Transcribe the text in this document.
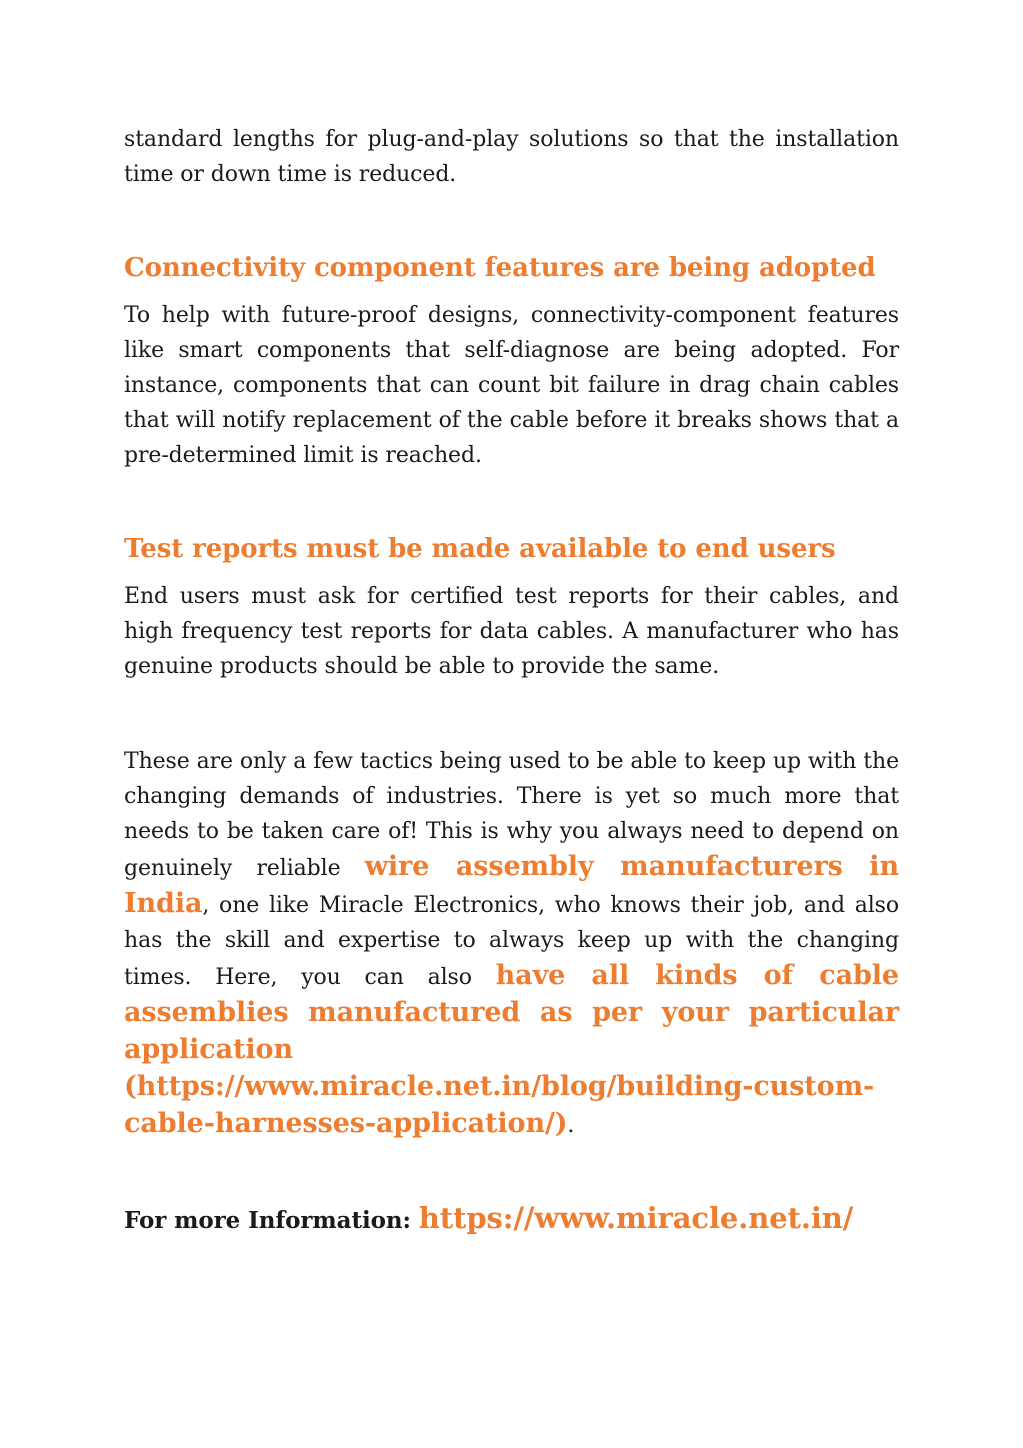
standard lengths for plug-and-play solutions so that the installation time or down time is reduced.

Connectivity component features are being adopted

To help with future-proof designs, connectivity-component features like smart components that self-diagnose are being adopted. For instance, components that can count bit failure in drag chain cables that will notify replacement of the cable before it breaks shows that a pre-determined limit is reached.

Test reports must be made available to end users

End users must ask for certified test reports for their cables, and high frequency test reports for data cables. A manufacturer who has genuine products should be able to provide the same.

These are only a few tactics being used to be able to keep up with the changing demands of industries. There is yet so much more that needs to be taken care of! This is why you always need to depend on genuinely reliable wire assembly manufacturers in India, one like Miracle Electronics, who knows their job, and also has the skill and expertise to always keep up with the changing times. Here, you can also have all kinds of cable assemblies manufactured as per your particular application (https://www.miracle.net.in/blog/building-custom-cable-harnesses-application/).

For more Information: https://www.miracle.net.in/
